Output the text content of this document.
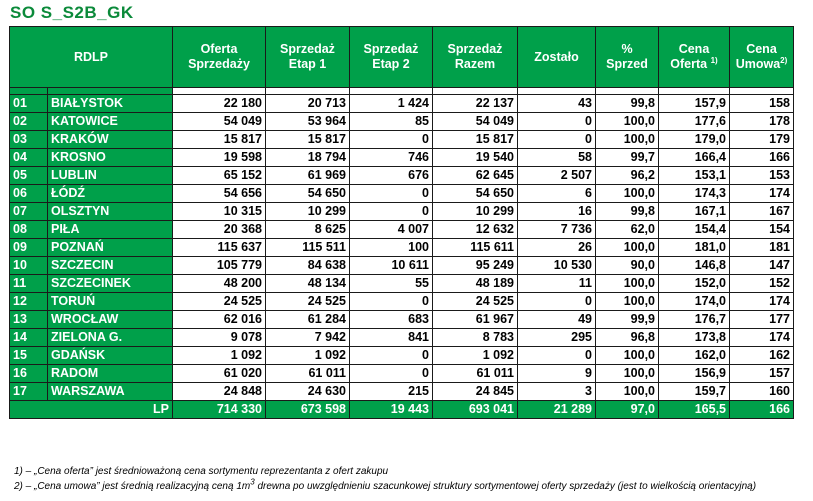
SO S_S2B_GK
RDLP		Oferta Sprzedaży	Sprzedaż Etap 1	Sprzedaż Etap 2	Sprzedaż Razem	Zostało	% Sprzed	Cena Oferta $^{1)}$	Cena Umowa$^{2)}$

01	BIAŁYSTOK	22 180	20 713	1 424	22 137	43	99,8	157,9	158
02	KATOWICE	54 049	53 964	85	54 049	0	100,0	177,6	178
03	KRAKÓW	15 817	15 817	0	15 817	0	100,0	179,0	179
04	KROSNO	19 598	18 794	746	19 540	58	99,7	166,4	166
05	LUBLIN	65 152	61 969	676	62 645	2 507	96,2	153,1	153
06	ŁÓDŹ	54 656	54 650	0	54 650	6	100,0	174,3	174
07	OLSZTYN	10 315	10 299	0	10 299	16	99,8	167,1	167
08	PIŁA	20 368	8 625	4 007	12 632	7 736	62,0	154,4	154
09	POZNAŃ	115 637	115 511	100	115 611	26	100,0	181,0	181
10	SZCZECIN	105 779	84 638	10 611	95 249	10 530	90,0	146,8	147
11	SZCZECINEK	48 200	48 134	55	48 189	11	100,0	152,0	152
12	TORUŃ	24 525	24 525	0	24 525	0	100,0	174,0	174
13	WROCŁAW	62 016	61 284	683	61 967	49	99,9	176,7	177
14	ZIELONA G.	9 078	7 942	841	8 783	295	96,8	173,8	174
15	GDAŃSK	1 092	1 092	0	1 092	0	100,0	162,0	162
16	RADOM	61 020	61 011	0	61 011	9	100,0	156,9	157
17	WARSZAWA	24 848	24 630	215	24 845	3	100,0	159,7	160
LP		714 330	673 598	19 443	693 041	21 289	97,0	165,5	166
1) – „Cena oferta” jest średnioważoną cena sortymentu reprezentanta z ofert zakupu
2) – „Cena umowa” jest średnią realizacyjną ceną $1m^3$ drewna po uwzględnieniu szacunkowej struktury sortymentowej oferty sprzedaży (jest to wielkością orientacyjną)
